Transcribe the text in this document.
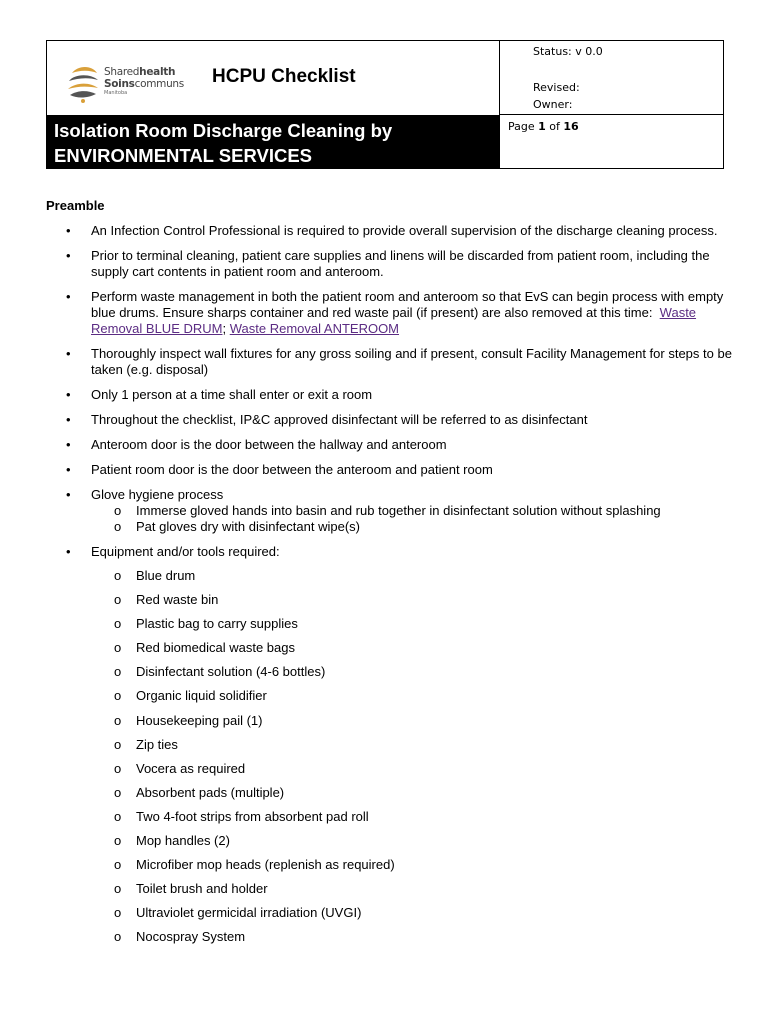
Sharedhealth
Soinscommuns
Manitoba
HCPU Checklist
Isolation Room Discharge Cleaning by
ENVIRONMENTAL SERVICES
Status: v 0.0
Revised:
Owner:
Page 1 of 16
Preamble
• An Infection Control Professional is required to provide overall supervision of the discharge cleaning process.
• Prior to terminal cleaning, patient care supplies and linens will be discarded from patient room, including the supply cart contents in patient room and anteroom.
• Perform waste management in both the patient room and anteroom so that EvS can begin process with empty blue drums. Ensure sharps container and red waste pail (if present) are also removed at this time: Waste Removal BLUE DRUM; Waste Removal ANTEROOM
• Thoroughly inspect wall fixtures for any gross soiling and if present, consult Facility Management for steps to be taken (e.g. disposal)
• Only 1 person at a time shall enter or exit a room
• Throughout the checklist, IP&C approved disinfectant will be referred to as disinfectant
• Anteroom door is the door between the hallway and anteroom
• Patient room door is the door between the anteroom and patient room
• Glove hygiene process
o Immerse gloved hands into basin and rub together in disinfectant solution without splashing
o Pat gloves dry with disinfectant wipe(s)
• Equipment and/or tools required:
o Blue drum
o Red waste bin
o Plastic bag to carry supplies
o Red biomedical waste bags
o Disinfectant solution (4-6 bottles)
o Organic liquid solidifier
o Housekeeping pail (1)
o Zip ties
o Vocera as required
o Absorbent pads (multiple)
o Two 4-foot strips from absorbent pad roll
o Mop handles (2)
o Microfiber mop heads (replenish as required)
o Toilet brush and holder
o Ultraviolet germicidal irradiation (UVGI)
o Nocospray System
